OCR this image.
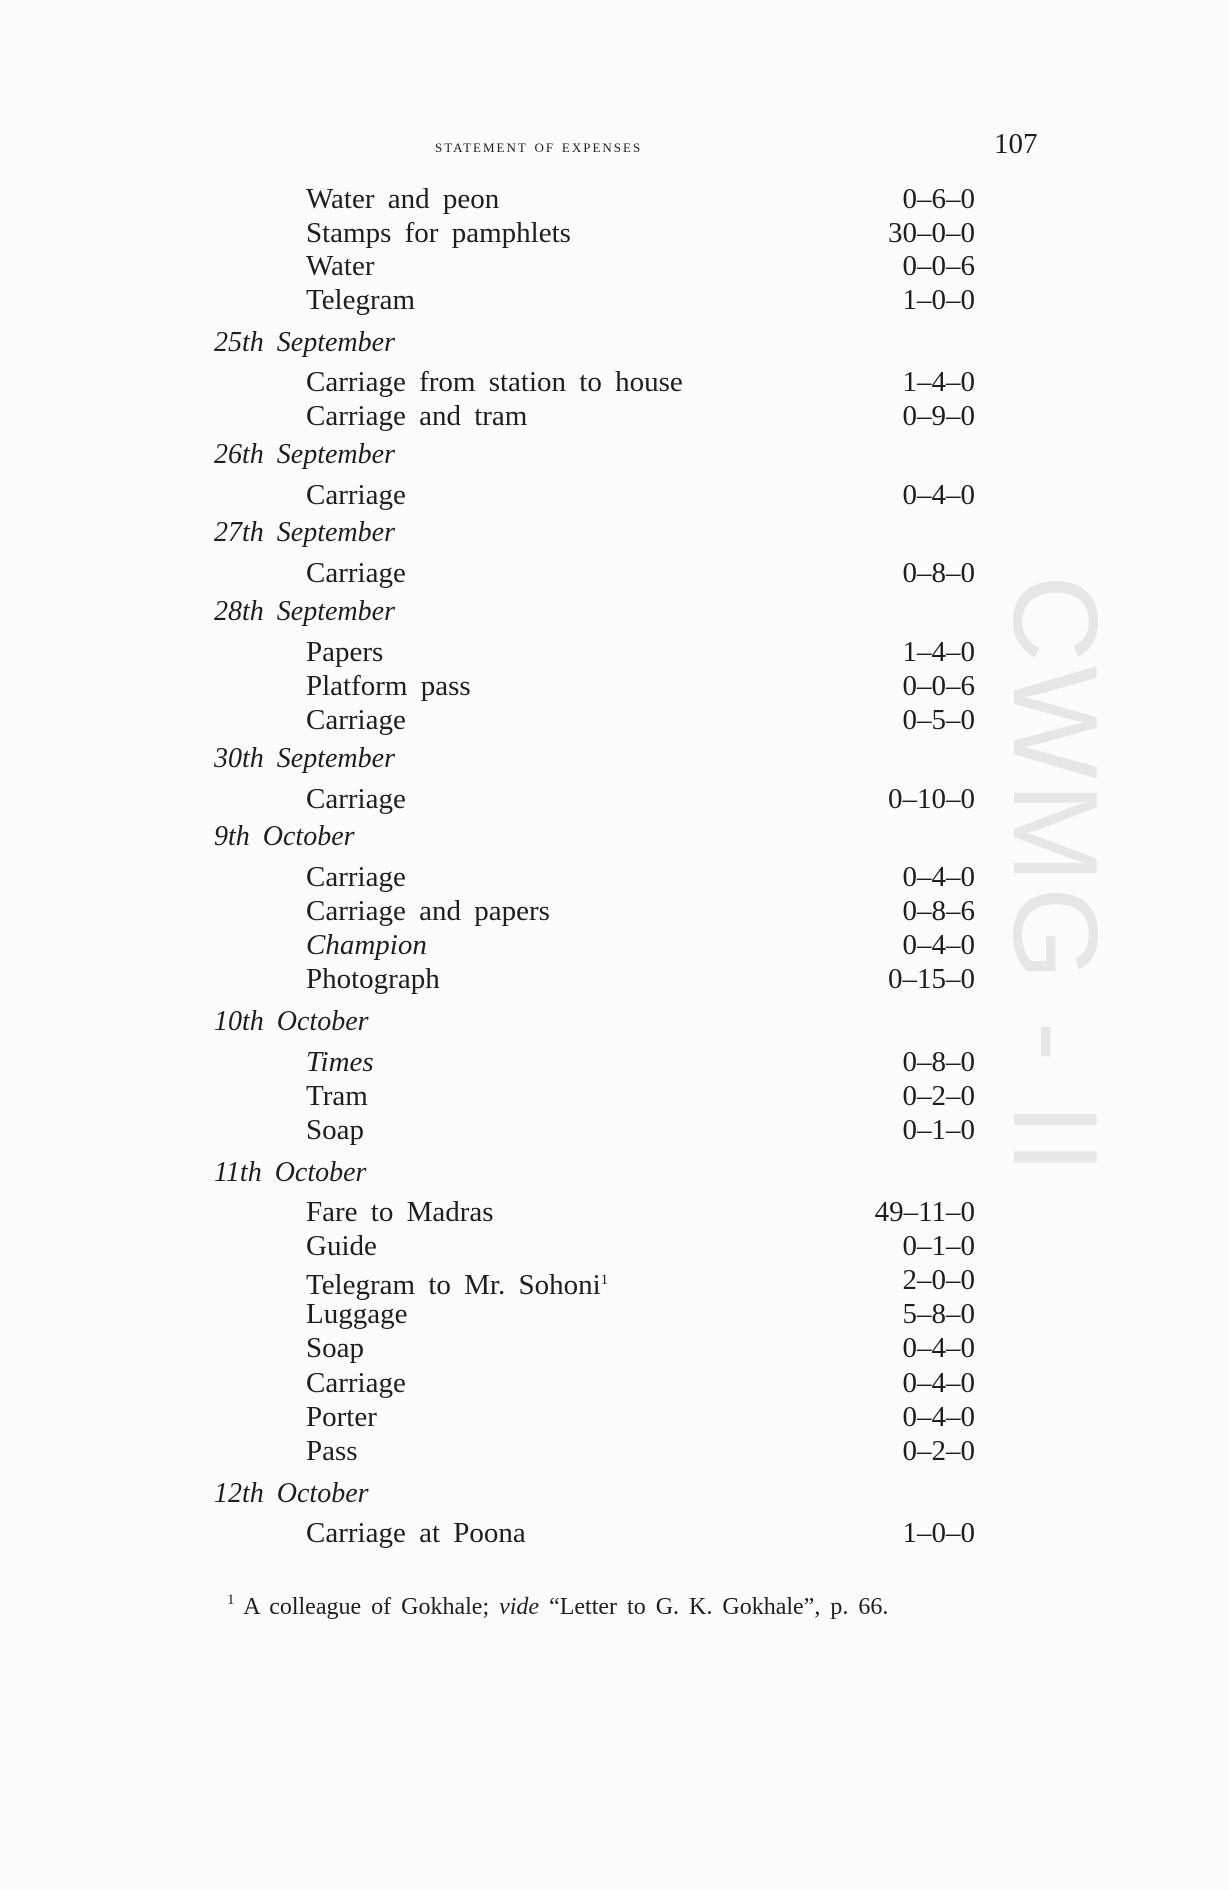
statement of expenses	107
CWMG - II
Water and peon	0–6–0
Stamps for pamphlets	30–0–0
Water	0–0–6
Telegram	1–0–0
25th September
Carriage from station to house	1–4–0
Carriage and tram	0–9–0
26th September
Carriage	0–4–0
27th September
Carriage	0–8–0
28th September
Papers	1–4–0
Platform pass	0–0–6
Carriage	0–5–0
30th September
Carriage	0–10–0
9th October
Carriage	0–4–0
Carriage and papers	0–8–6
Champion	0–4–0
Photograph	0–15–0
10th October
Times	0–8–0
Tram	0–2–0
Soap	0–1–0
11th October
Fare to Madras	49–11–0
Guide	0–1–0
Telegram to Mr. Sohoni$^1$	2–0–0
Luggage	5–8–0
Soap	0–4–0
Carriage	0–4–0
Porter	0–4–0
Pass	0–2–0
12th October
Carriage at Poona	1–0–0
$^1$ A colleague of Gokhale; vide “Letter to G. K. Gokhale”, p. 66.
